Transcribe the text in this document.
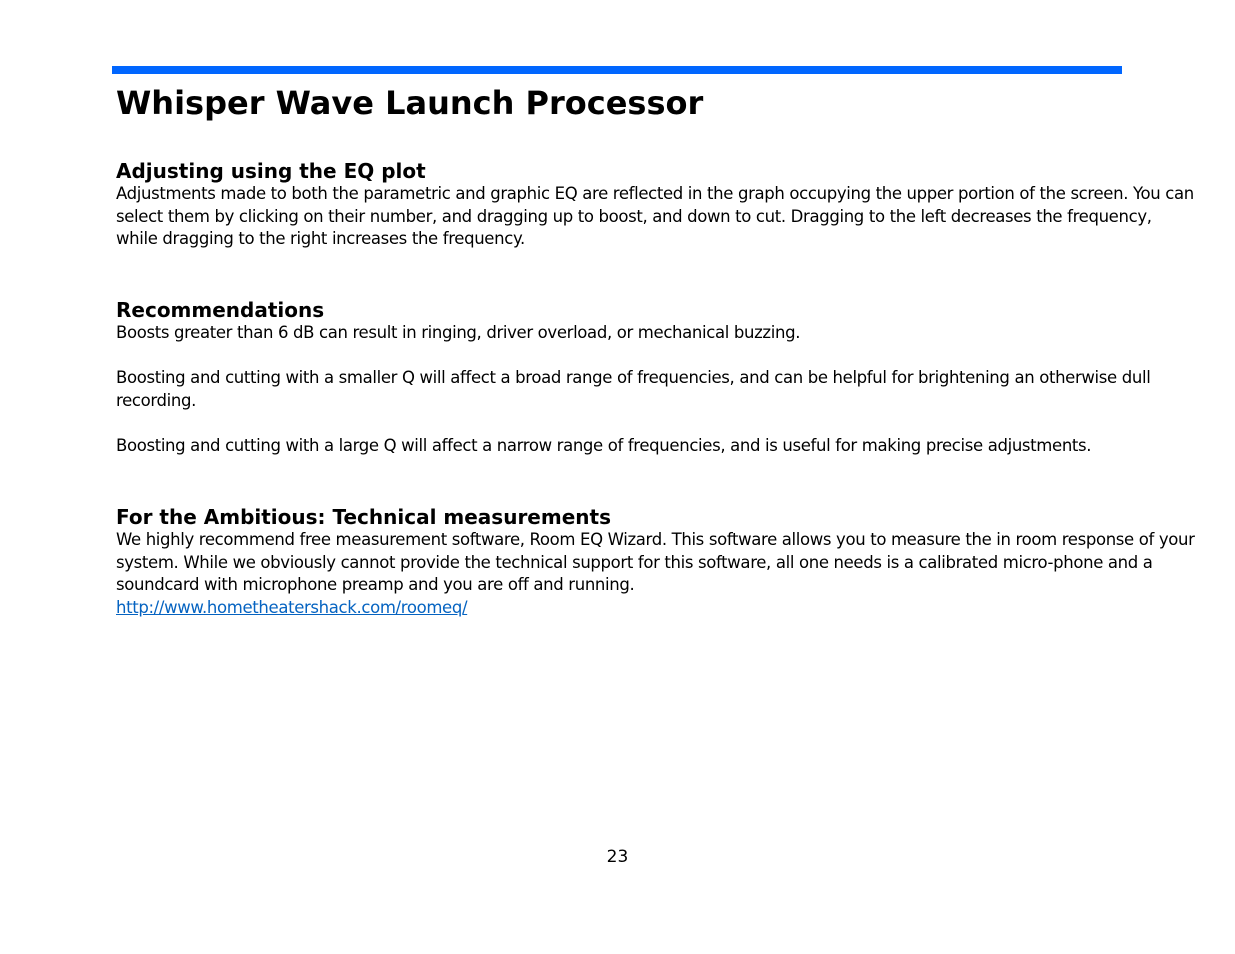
Whisper Wave Launch Processor
Adjusting using the EQ plot

Adjustments made to both the parametric and graphic EQ are reflected in the graph occupying the upper portion of the screen. You can select them by clicking on their number, and dragging up to boost, and down to cut. Dragging to the left decreases the frequency, while dragging to the right increases the frequency.

Recommendations

Boosts greater than 6 dB can result in ringing, driver overload, or mechanical buzzing.

Boosting and cutting with a smaller Q will affect a broad range of frequencies, and can be helpful for brightening an otherwise dull recording.

Boosting and cutting with a large Q will affect a narrow range of frequencies, and is useful for making precise adjustments.

For the Ambitious: Technical measurements

We highly recommend free measurement software, Room EQ Wizard. This software allows you to measure the in room response of your system. While we obviously cannot provide the technical support for this software, all one needs is a calibrated micro-phone and a soundcard with microphone preamp and you are off and running.

http://www.hometheatershack.com/roomeq/

23
